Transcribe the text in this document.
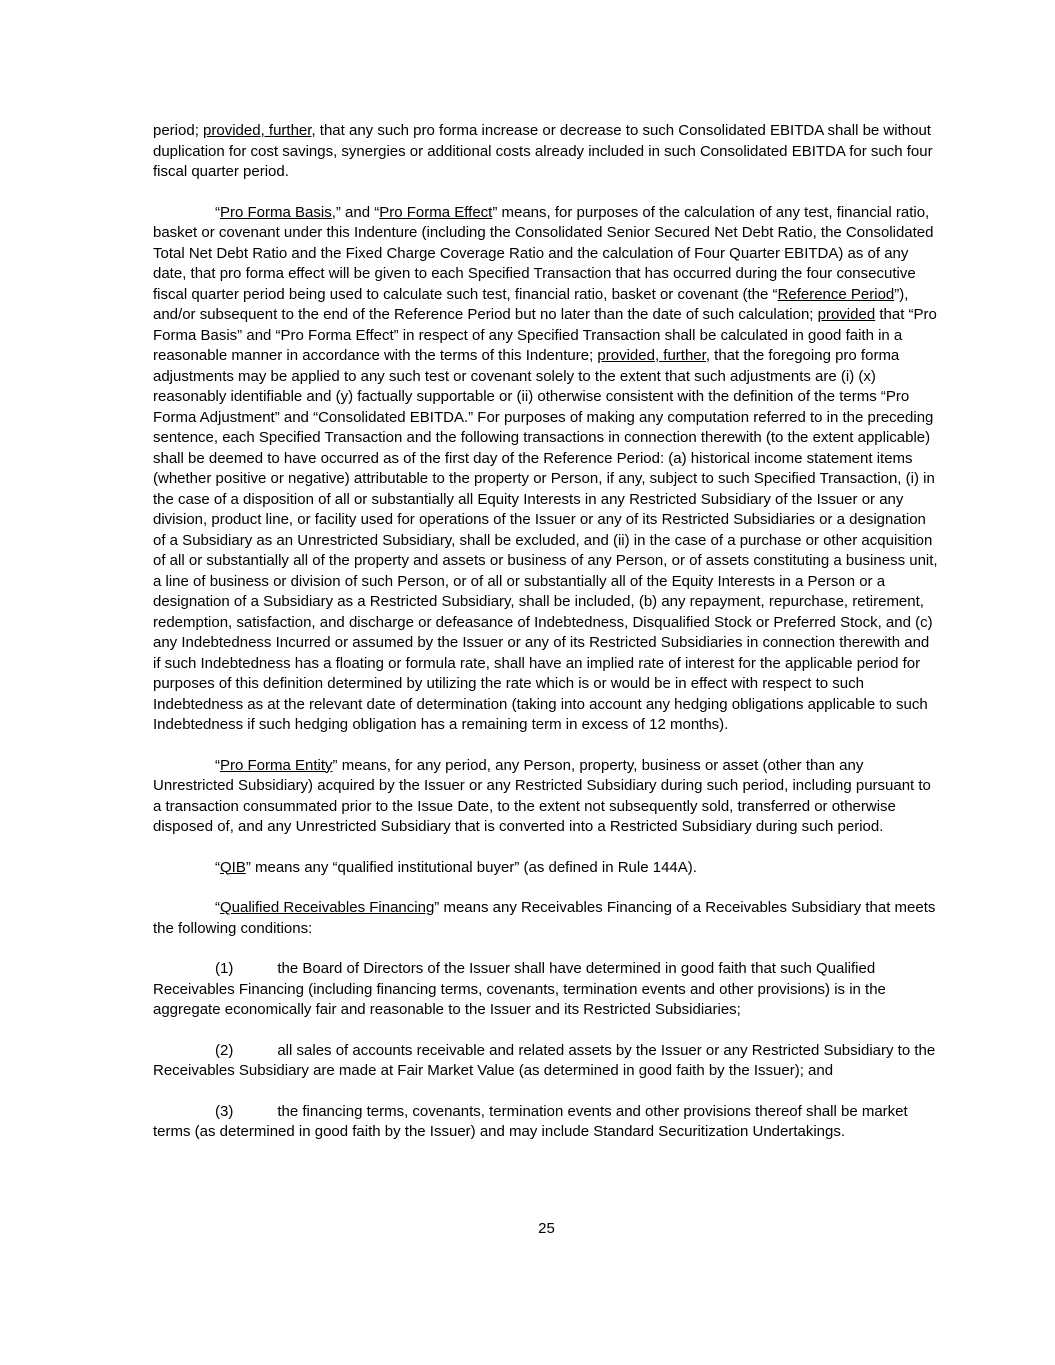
period; provided, further, that any such pro forma increase or decrease to such Consolidated EBITDA shall be without duplication for cost savings, synergies or additional costs already included in such Consolidated EBITDA for such four fiscal quarter period.

“Pro Forma Basis,” and “Pro Forma Effect” means, for purposes of the calculation of any test, financial ratio, basket or covenant under this Indenture (including the Consolidated Senior Secured Net Debt Ratio, the Consolidated Total Net Debt Ratio and the Fixed Charge Coverage Ratio and the calculation of Four Quarter EBITDA) as of any date, that pro forma effect will be given to each Specified Transaction that has occurred during the four consecutive fiscal quarter period being used to calculate such test, financial ratio, basket or covenant (the “Reference Period”), and/or subsequent to the end of the Reference Period but no later than the date of such calculation; provided that “Pro Forma Basis” and “Pro Forma Effect” in respect of any Specified Transaction shall be calculated in good faith in a reasonable manner in accordance with the terms of this Indenture; provided, further, that the foregoing pro forma adjustments may be applied to any such test or covenant solely to the extent that such adjustments are (i) (x) reasonably identifiable and (y) factually supportable or (ii) otherwise consistent with the definition of the terms “Pro Forma Adjustment” and “Consolidated EBITDA.” For purposes of making any computation referred to in the preceding sentence, each Specified Transaction and the following transactions in connection therewith (to the extent applicable) shall be deemed to have occurred as of the first day of the Reference Period: (a) historical income statement items (whether positive or negative) attributable to the property or Person, if any, subject to such Specified Transaction, (i) in the case of a disposition of all or substantially all Equity Interests in any Restricted Subsidiary of the Issuer or any division, product line, or facility used for operations of the Issuer or any of its Restricted Subsidiaries or a designation of a Subsidiary as an Unrestricted Subsidiary, shall be excluded, and (ii) in the case of a purchase or other acquisition of all or substantially all of the property and assets or business of any Person, or of assets constituting a business unit, a line of business or division of such Person, or of all or substantially all of the Equity Interests in a Person or a designation of a Subsidiary as a Restricted Subsidiary, shall be included, (b) any repayment, repurchase, retirement, redemption, satisfaction, and discharge or defeasance of Indebtedness, Disqualified Stock or Preferred Stock, and (c) any Indebtedness Incurred or assumed by the Issuer or any of its Restricted Subsidiaries in connection therewith and if such Indebtedness has a floating or formula rate, shall have an implied rate of interest for the applicable period for purposes of this definition determined by utilizing the rate which is or would be in effect with respect to such Indebtedness as at the relevant date of determination (taking into account any hedging obligations applicable to such Indebtedness if such hedging obligation has a remaining term in excess of 12 months).

“Pro Forma Entity” means, for any period, any Person, property, business or asset (other than any Unrestricted Subsidiary) acquired by the Issuer or any Restricted Subsidiary during such period, including pursuant to a transaction consummated prior to the Issue Date, to the extent not subsequently sold, transferred or otherwise disposed of, and any Unrestricted Subsidiary that is converted into a Restricted Subsidiary during such period.

“QIB” means any “qualified institutional buyer” (as defined in Rule 144A).

“Qualified Receivables Financing” means any Receivables Financing of a Receivables Subsidiary that meets the following conditions:

(1)	the Board of Directors of the Issuer shall have determined in good faith that such Qualified Receivables Financing (including financing terms, covenants, termination events and other provisions) is in the aggregate economically fair and reasonable to the Issuer and its Restricted Subsidiaries;

(2)	all sales of accounts receivable and related assets by the Issuer or any Restricted Subsidiary to the Receivables Subsidiary are made at Fair Market Value (as determined in good faith by the Issuer); and

(3)	the financing terms, covenants, termination events and other provisions thereof shall be market terms (as determined in good faith by the Issuer) and may include Standard Securitization Undertakings.

25
